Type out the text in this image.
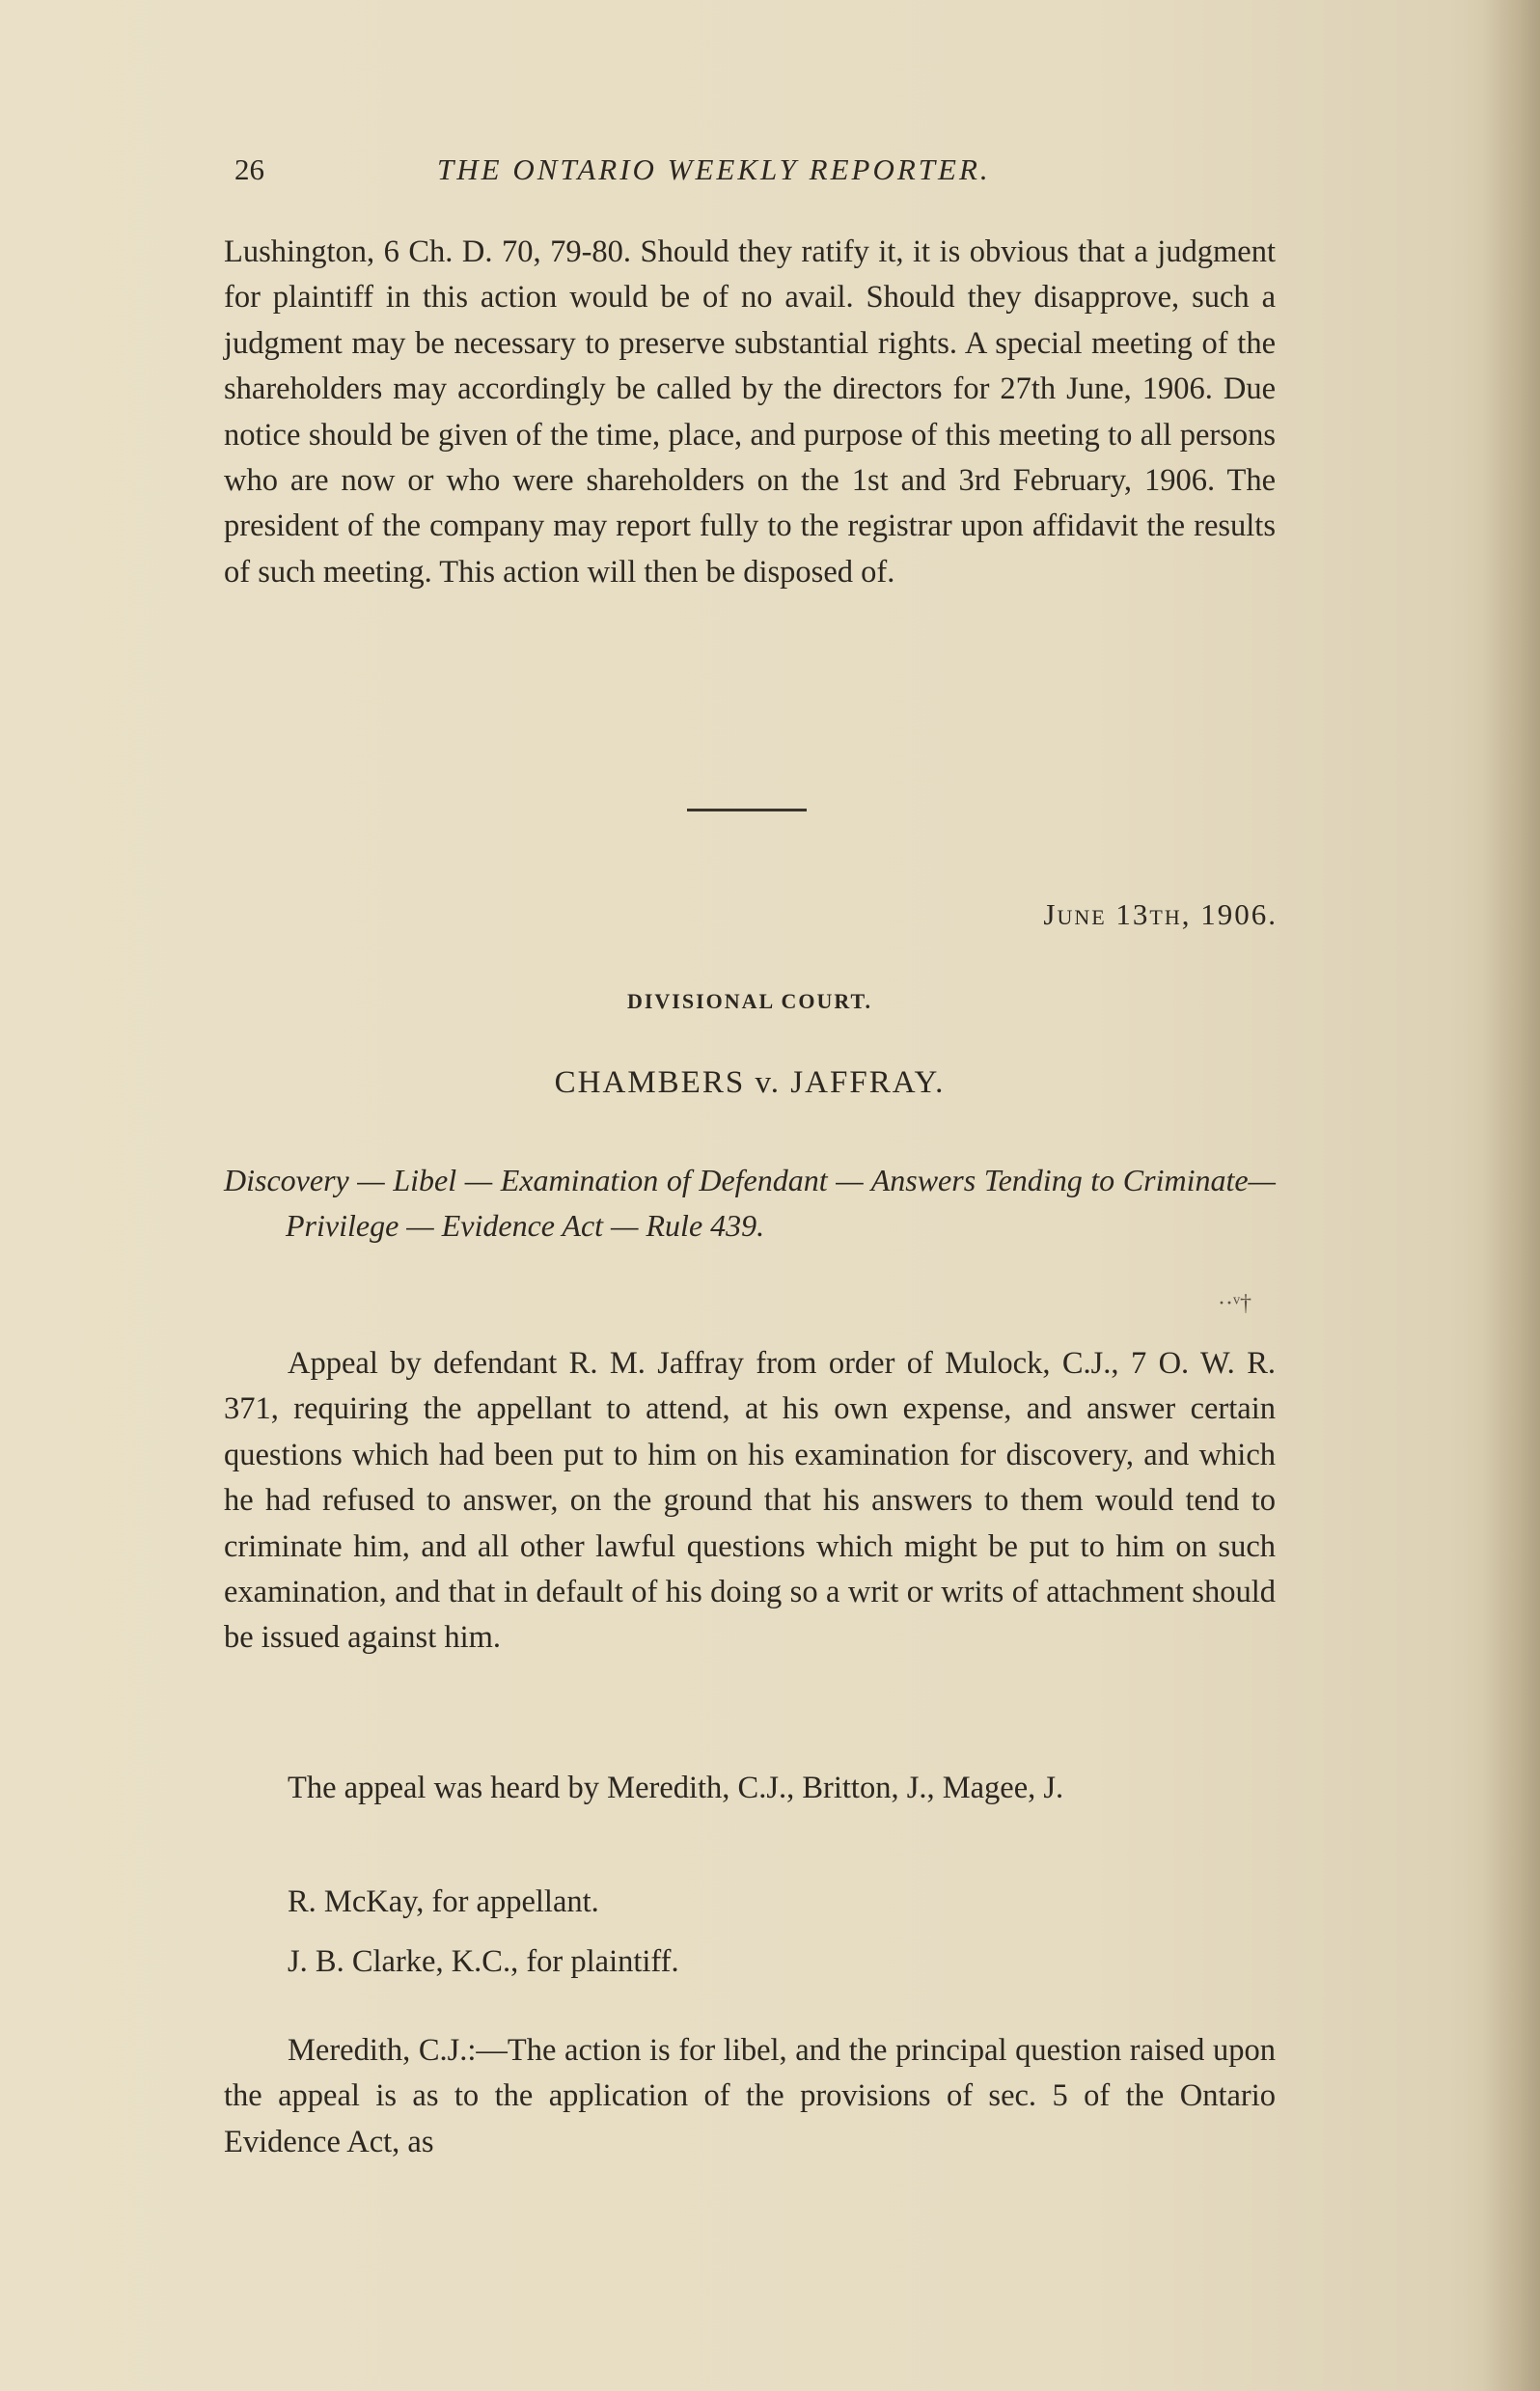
26	THE ONTARIO WEEKLY REPORTER.

Lushington, 6 Ch. D. 70, 79-80. Should they ratify it, it is obvious that a judgment for plaintiff in this action would be of no avail. Should they disapprove, such a judgment may be necessary to preserve substantial rights. A special meeting of the shareholders may accordingly be called by the directors for 27th June, 1906. Due notice should be given of the time, place, and purpose of this meeting to all persons who are now or who were shareholders on the 1st and 3rd February, 1906. The president of the company may report fully to the registrar upon affidavit the results of such meeting. This action will then be disposed of.

June 13th, 1906.
DIVISIONAL COURT.
CHAMBERS v. JAFFRAY.

Discovery — Libel — Examination of Defendant — Answers Tending to Criminate—Privilege — Evidence Act — Rule 439.

··ᵛ†

Appeal by defendant R. M. Jaffray from order of Mulock, C.J., 7 O. W. R. 371, requiring the appellant to attend, at his own expense, and answer certain questions which had been put to him on his examination for discovery, and which he had refused to answer, on the ground that his answers to them would tend to criminate him, and all other lawful questions which might be put to him on such examination, and that in default of his doing so a writ or writs of attachment should be issued against him.

The appeal was heard by Meredith, C.J., Britton, J., Magee, J.

R. McKay, for appellant.

J. B. Clarke, K.C., for plaintiff.

Meredith, C.J.:—The action is for libel, and the principal question raised upon the appeal is as to the application of the provisions of sec. 5 of the Ontario Evidence Act, as
